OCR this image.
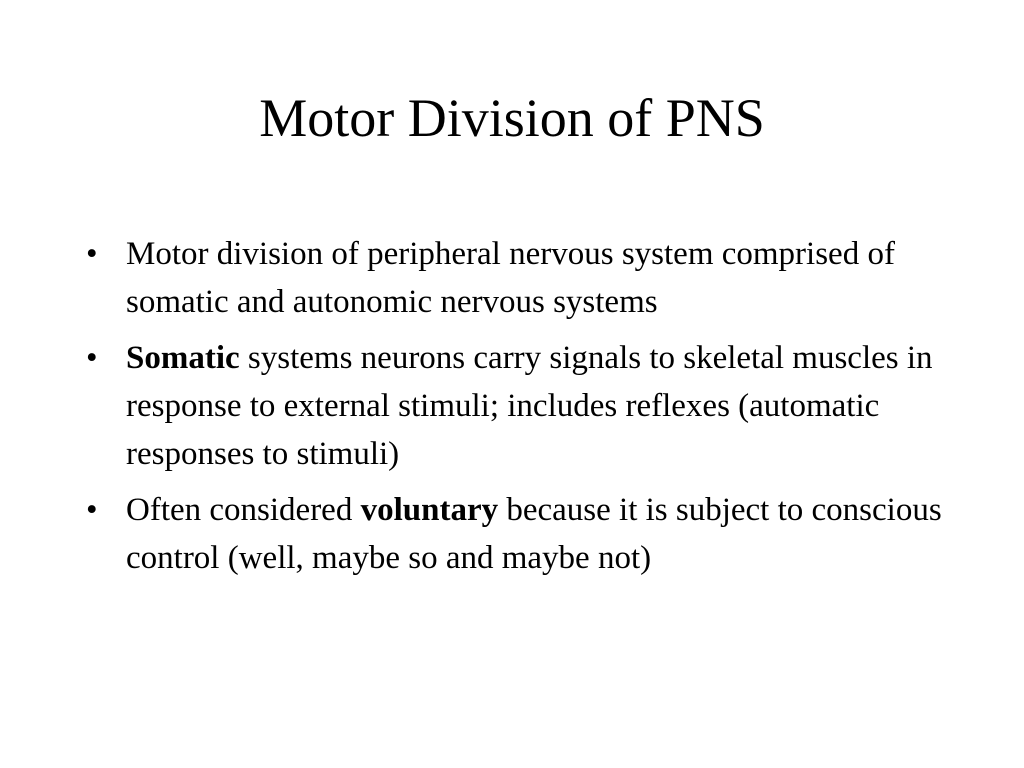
Motor Division of PNS
• Motor division of peripheral nervous system comprised of somatic and autonomic nervous systems
• Somatic systems neurons carry signals to skeletal muscles in response to external stimuli; includes reflexes (automatic responses to stimuli)
• Often considered voluntary because it is subject to conscious control (well, maybe so and maybe not)
